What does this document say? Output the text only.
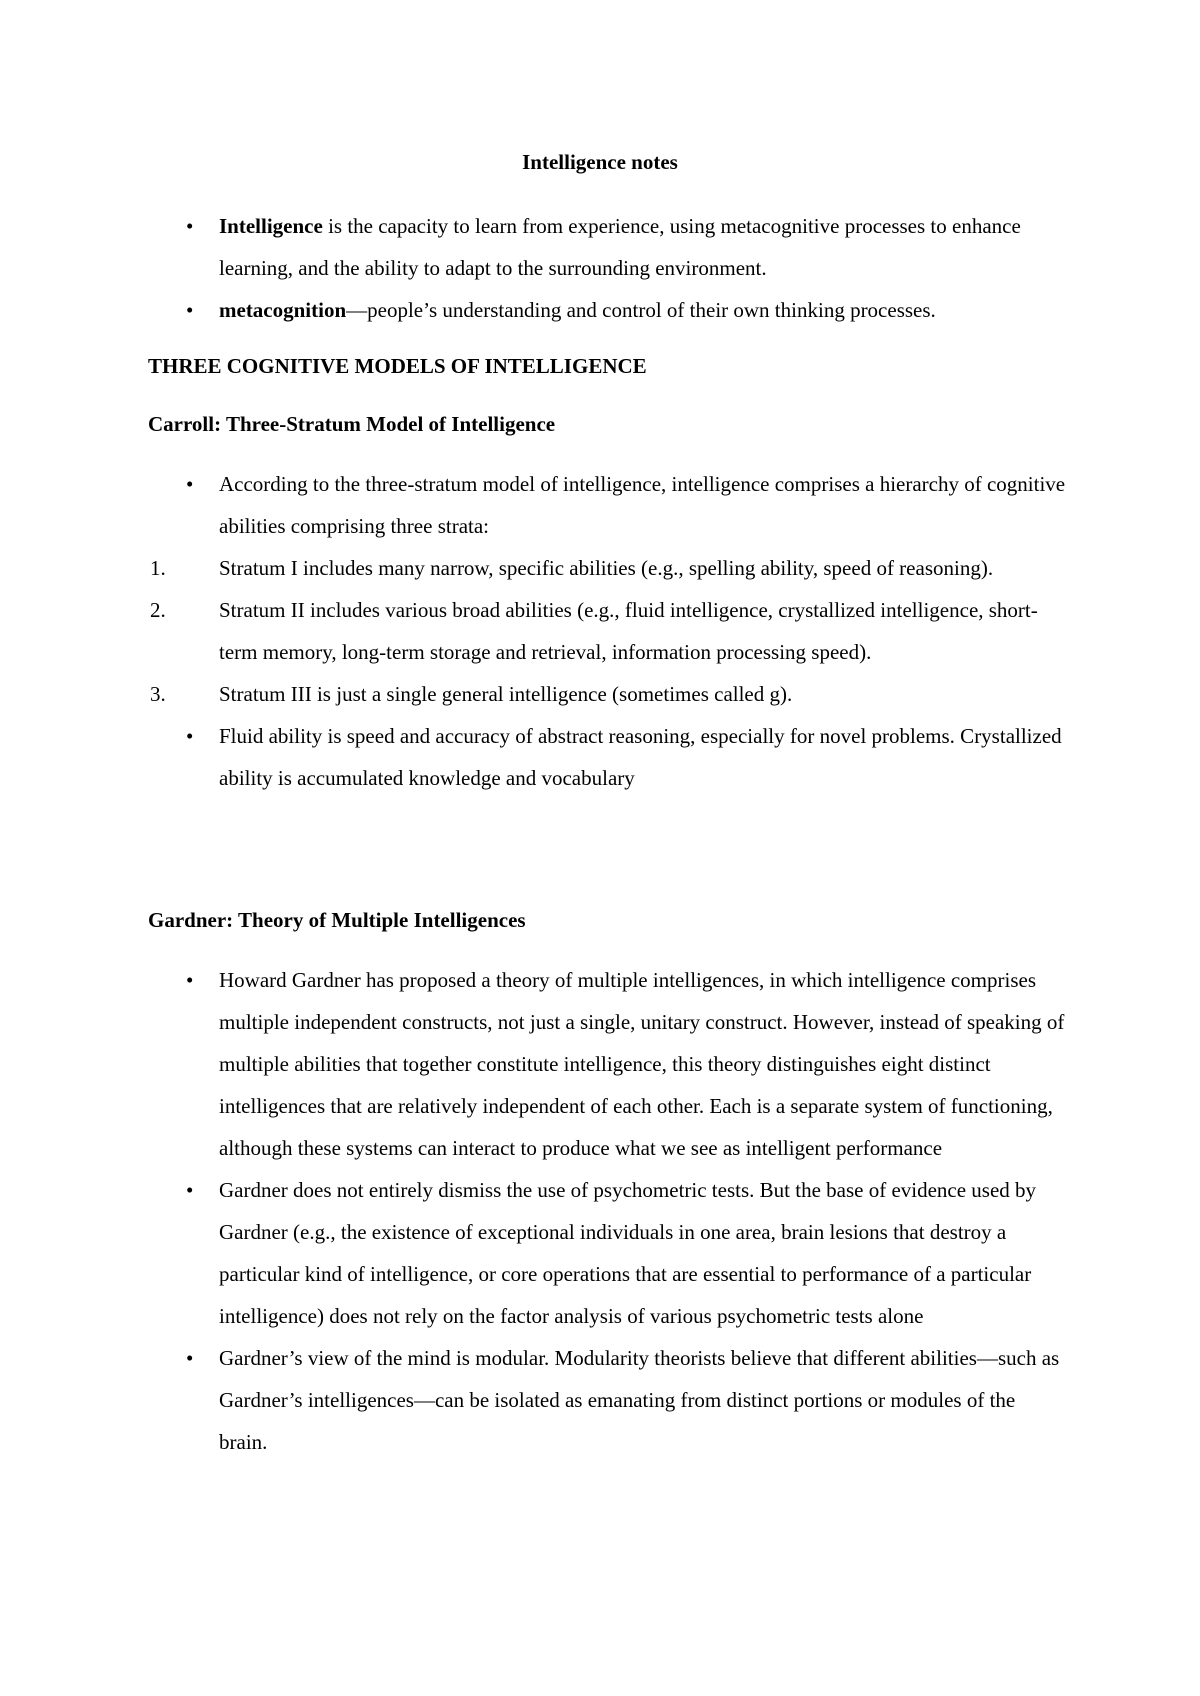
Intelligence notes
• Intelligence is the capacity to learn from experience, using metacognitive processes to enhance learning, and the ability to adapt to the surrounding environment.
• metacognition—people’s understanding and control of their own thinking processes.
THREE COGNITIVE MODELS OF INTELLIGENCE
Carroll: Three-Stratum Model of Intelligence
• According to the three-stratum model of intelligence, intelligence comprises a hierarchy of cognitive abilities comprising three strata:
1.	Stratum I includes many narrow, specific abilities (e.g., spelling ability, speed of reasoning).
2.	Stratum II includes various broad abilities (e.g., fluid intelligence, crystallized intelligence, short-term memory, long-term storage and retrieval, information processing speed).
3.	Stratum III is just a single general intelligence (sometimes called g).
• Fluid ability is speed and accuracy of abstract reasoning, especially for novel problems. Crystallized ability is accumulated knowledge and vocabulary
Gardner: Theory of Multiple Intelligences
• Howard Gardner has proposed a theory of multiple intelligences, in which intelligence comprises multiple independent constructs, not just a single, unitary construct. However, instead of speaking of multiple abilities that together constitute intelligence, this theory distinguishes eight distinct intelligences that are relatively independent of each other. Each is a separate system of functioning, although these systems can interact to produce what we see as intelligent performance
• Gardner does not entirely dismiss the use of psychometric tests. But the base of evidence used by Gardner (e.g., the existence of exceptional individuals in one area, brain lesions that destroy a particular kind of intelligence, or core operations that are essential to performance of a particular intelligence) does not rely on the factor analysis of various psychometric tests alone
• Gardner’s view of the mind is modular. Modularity theorists believe that different abilities—such as Gardner’s intelligences—can be isolated as emanating from distinct portions or modules of the brain.
